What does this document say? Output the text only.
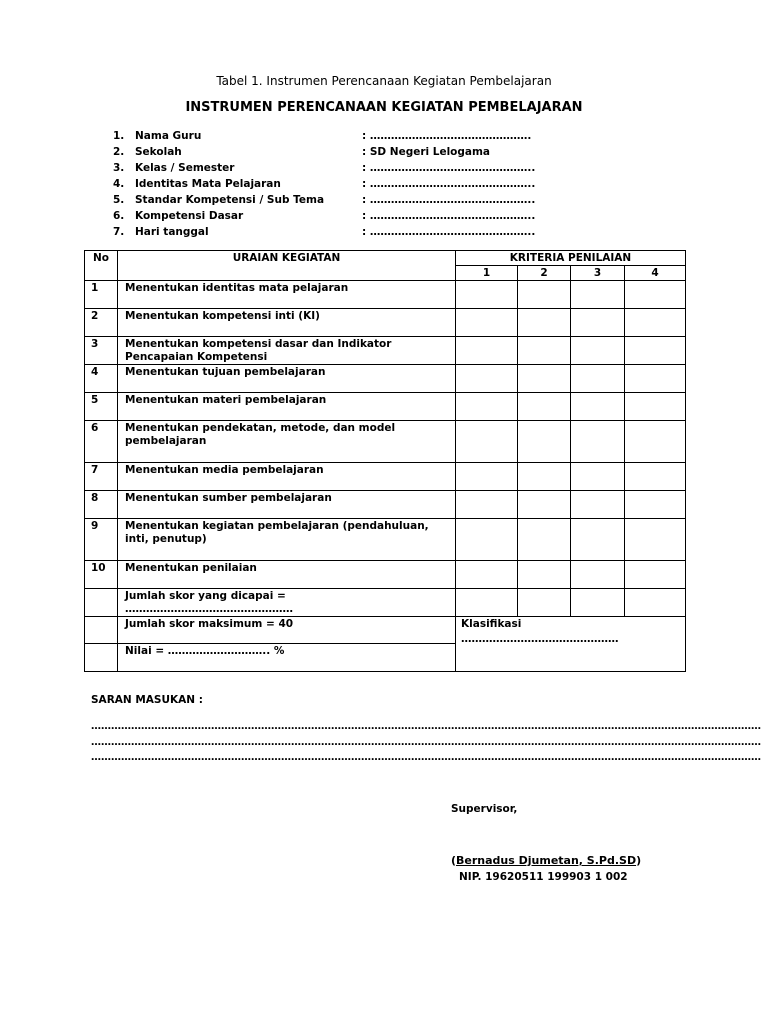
Tabel 1. Instrumen Perencanaan Kegiatan Pembelajaran
INSTRUMEN PERENCANAAN KEGIATAN PEMBELAJARAN
1. Nama Guru	: ……………………………………….
2. Sekolah	: SD Negeri Lelogama
3. Kelas / Semester	: ………………………………………..
4. Identitas Mata Pelajaran	: ………………………………………..
5. Standar Kompetensi / Sub Tema	: ………………………………………..
6. Kompetensi Dasar	: ………………………………………..
7. Hari tanggal	: ………………………………………..
No	URAIAN KEGIATAN	KRITERIA PENILAIAN			
		1	2	3	4
1	Menentukan identitas mata pelajaran				
2	Menentukan kompetensi inti (KI)				
3	Menentukan kompetensi dasar dan Indikator Pencapaian Kompetensi				
4	Menentukan tujuan pembelajaran				
5	Menentukan materi pembelajaran				
6	Menentukan pendekatan, metode, dan model pembelajaran				
7	Menentukan media pembelajaran				
8	Menentukan sumber pembelajaran				
9	Menentukan kegiatan pembelajaran (pendahuluan, inti, penutup)				
10	Menentukan penilaian				
	Jumlah skor yang dicapai = …………………………………………				
	Jumlah skor maksimum = 40	Klasifikasi
………………………………………			

	Nilai = ……………………….. %				
SARAN MASUKAN :
…………………………………………………………………………………………………………………………………………………………………………………
…………………………………………………………………………………………………………………………………………………………………………………
…………………………………………………………………………………………………………………………………………………………………………………
Supervisor,
(Bernadus Djumetan, S.Pd.SD)
NIP. 19620511 199903 1 002
